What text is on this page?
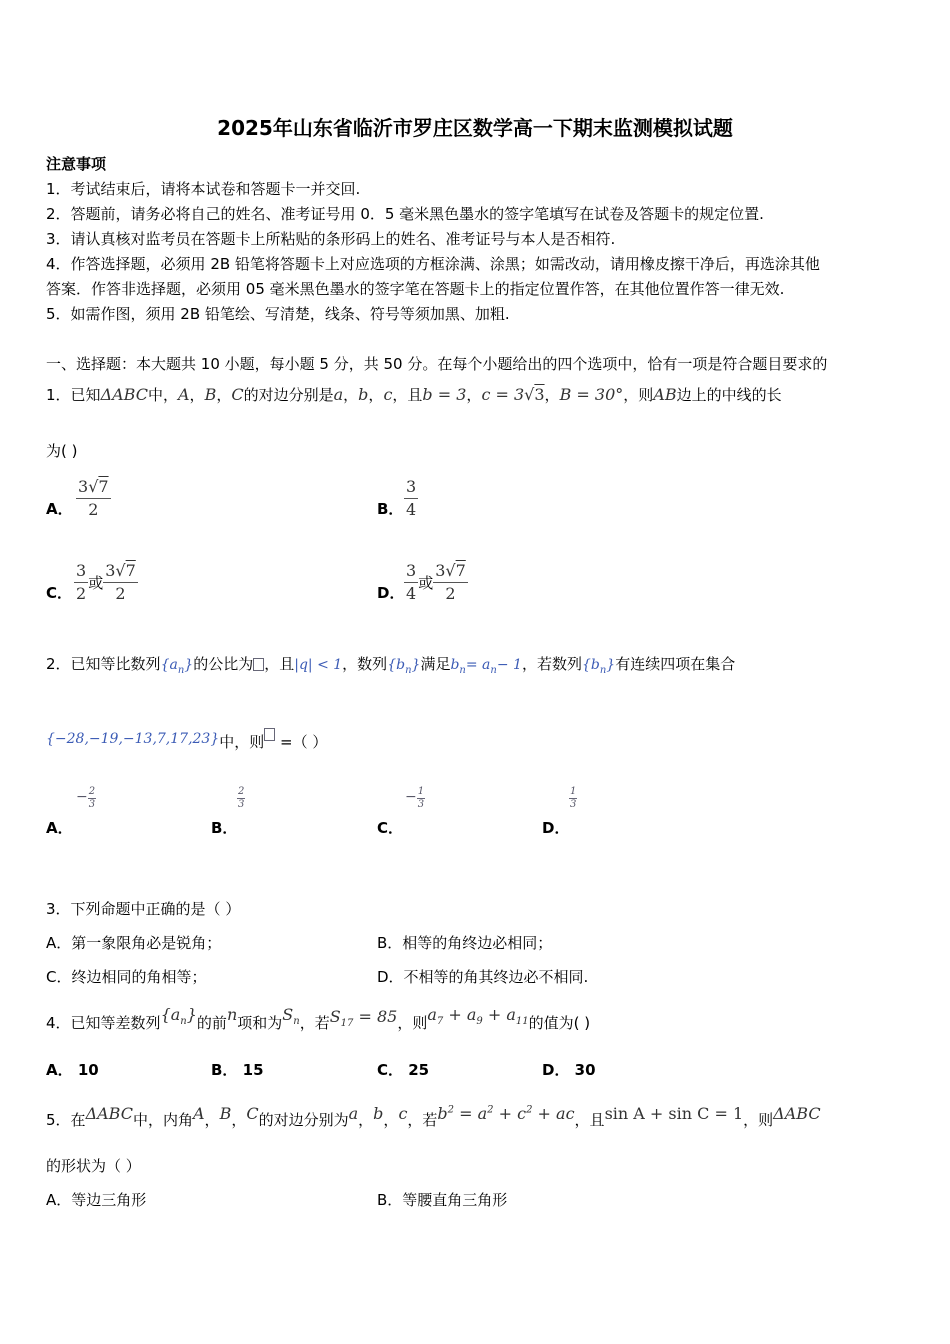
2025年山东省临沂市罗庄区数学高一下期末监测模拟试题
注意事项
1．考试结束后，请将本试卷和答题卡一并交回.
2．答题前，请务必将自己的姓名、准考证号用 0．5 毫米黑色墨水的签字笔填写在试卷及答题卡的规定位置.
3．请认真核对监考员在答题卡上所粘贴的条形码上的姓名、准考证号与本人是否相符.
4．作答选择题，必须用 2B 铅笔将答题卡上对应选项的方框涂满、涂黑；如需改动，请用橡皮擦干净后，再选涂其他
答案．作答非选择题，必须用 05 毫米黑色墨水的签字笔在答题卡上的指定位置作答，在其他位置作答一律无效.
5．如需作图，须用 2B 铅笔绘、写清楚，线条、符号等须加黑、加粗.
一、选择题：本大题共 10 小题，每小题 5 分，共 50 分。在每个小题给出的四个选项中，恰有一项是符合题目要求的
1．已知ΔABC中，A，B，C的对边分别是a，b，c，且b = 3，c = 3√3，B = 30°，则AB边上的中线的长
为( )
A． $\frac{3√7}{2}$	B． $\frac{3}{4}$
C． $\frac{3}{2}$ 或 $\frac{3√7}{2}$	D． $\frac{3}{4}$ 或 $\frac{3√7}{2}$
2．已知等比数列$\{a_n\}$的公比为 ，且|q| < 1，数列$\{b_n\}$满足$b_n= a_n- 1$，若数列$\{b_n\}$有连续四项在集合
{−28,−19,−13,7,17,23}中，则 =（ ）
A．
− $\frac{2}{3}$
B．
$\frac{2}{3}$
C．
− $\frac{1}{3}$
D．
$\frac{1}{3}$
3．下列命题中正确的是（ ）
A．第一象限角必是锐角；	B．相等的角终边必相同；
C．终边相同的角相等；	D．不相等的角其终边必不相同.
4．已知等差数列$\{a_n\}$的前n项和为$S_n$，若$S_{17} = 85$，则$a_7 + a_9 + a_{11}$的值为( )
A． 10	B． 15	C． 25	D． 30
5．在ΔABC中，内角A，B，C的对边分别为a，b，c，若$b^2 = a^2 + c^2$ + ac，且sin A + sin C = 1，则ΔABC
的形状为（ ）
A．等边三角形	B．等腰直角三角形
